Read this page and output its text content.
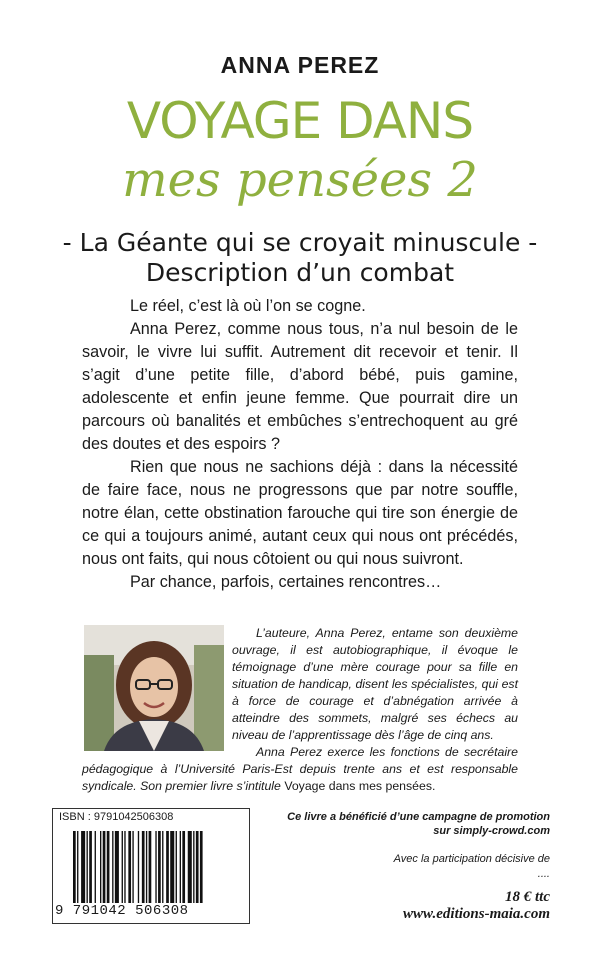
ANNA PEREZ
VOYAGE DANS
mes pensées 2
- La Géante qui se croyait minuscule -
Description d’un combat

Le réel, c’est là où l’on se cogne.

Anna Perez, comme nous tous, n’a nul besoin de le savoir, le vivre lui suffit. Autrement dit recevoir et tenir. Il s’agit d’une petite fille, d’abord bébé, puis gamine, adolescente et enfin jeune femme. Que pourrait dire un parcours où banalités et embûches s’entrechoquent au gré des doutes et des espoirs ?

Rien que nous ne sachions déjà : dans la nécessité de faire face, nous ne progressons que par notre souffle, notre élan, cette obstination farouche qui tire son énergie de ce qui a toujours animé, autant ceux qui nous ont précédés, nous ont faits, qui nous côtoient ou qui nous suivront.

Par chance, parfois, certaines rencontres…

L’auteure, Anna Perez, entame son deuxième ouvrage, il est autobiographique, il évoque le témoignage d’une mère courage pour sa fille en situation de handicap, disent les spécialistes, qui est à force de courage et d’abnégation arrivée à atteindre des sommets, malgré ses échecs au niveau de l’apprentissage dès l’âge de cinq ans.

Anna Perez exerce les fonctions de secrétaire pédagogique à l’Université Paris-Est depuis trente ans et est responsable syndicale. Son premier livre s’intitule Voyage dans mes pensées.

ISBN : 9791042506308
9 791042 506308
Ce livre a bénéficié d’une campagne de promotion
sur simply-crowd.com
Avec la participation décisive de
....
18 € ttc
www.editions-maia.com
